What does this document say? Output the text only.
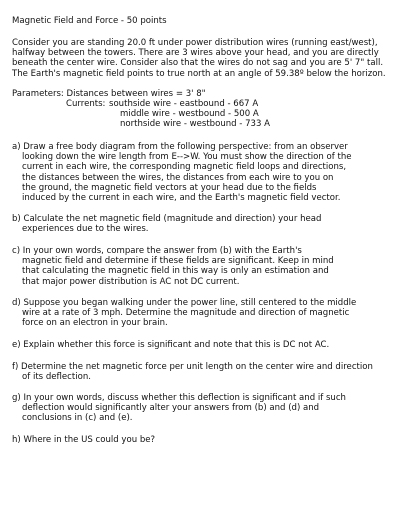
Magnetic Field and Force - 50 points
Consider you are standing 20.0 ft under power distribution wires (running east/west),
halfway between the towers. There are 3 wires above your head, and you are directly
beneath the center wire. Consider also that the wires do not sag and you are 5' 7" tall.
The Earth's magnetic field points to true north at an angle of 59.38º below the horizon.
Parameters: Distances between wires = 3' 8"
Currents: southside wire - eastbound - 667 A
middle wire - westbound - 500 A
northside wire - westbound - 733 A
a) Draw a free body diagram from the following perspective: from an observer
looking down the wire length from E-->W. You must show the direction of the
current in each wire, the corresponding magnetic field loops and directions,
the distances between the wires, the distances from each wire to you on
the ground, the magnetic field vectors at your head due to the fields
induced by the current in each wire, and the Earth's magnetic field vector.
b) Calculate the net magnetic field (magnitude and direction) your head
experiences due to the wires.
c) In your own words, compare the answer from (b) with the Earth's
magnetic field and determine if these fields are significant. Keep in mind
that calculating the magnetic field in this way is only an estimation and
that major power distribution is AC not DC current.
d) Suppose you began walking under the power line, still centered to the middle
wire at a rate of 3 mph. Determine the magnitude and direction of magnetic
force on an electron in your brain.
e) Explain whether this force is significant and note that this is DC not AC.
f) Determine the net magnetic force per unit length on the center wire and direction
of its deflection.
g) In your own words, discuss whether this deflection is significant and if such
deflection would significantly alter your answers from (b) and (d) and
conclusions in (c) and (e).
h) Where in the US could you be?
